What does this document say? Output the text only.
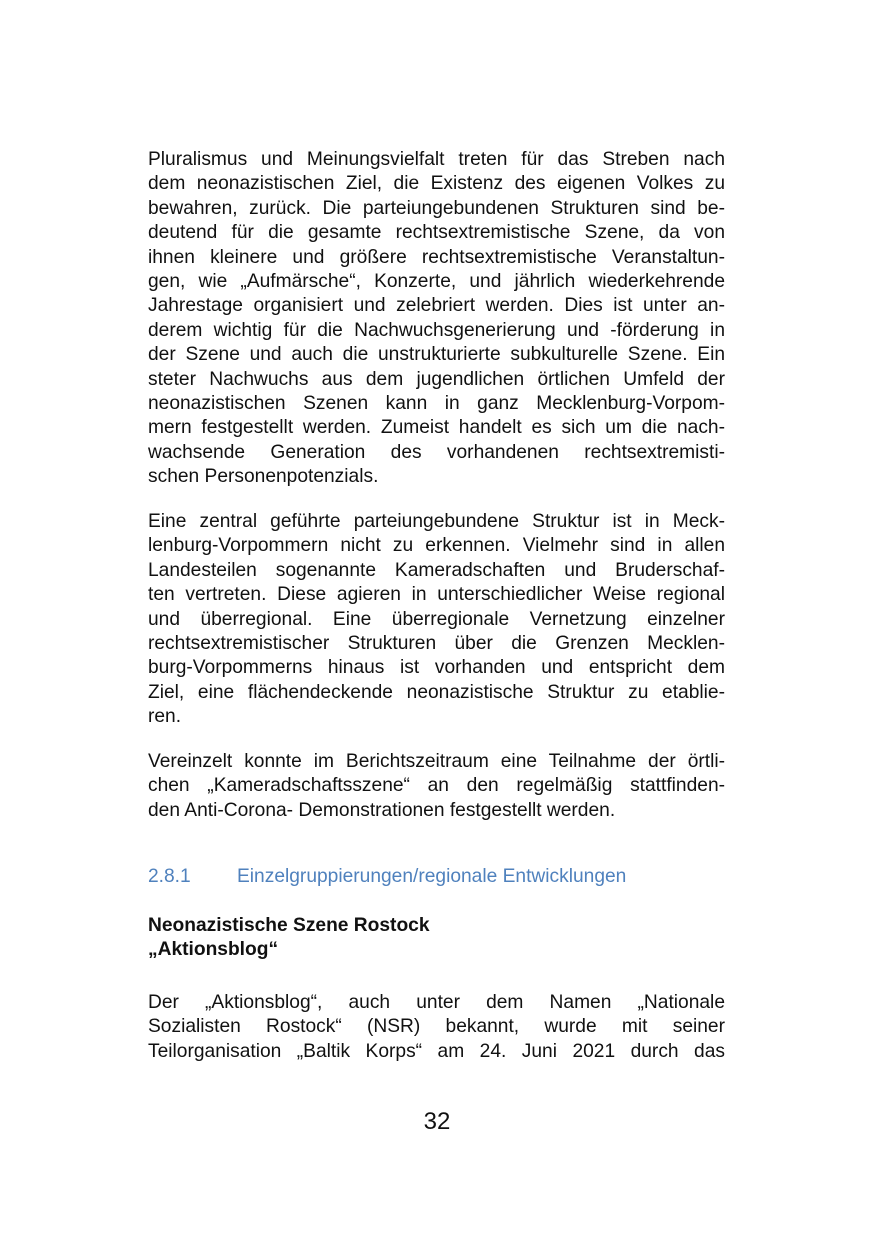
Pluralismus und Meinungsvielfalt treten für das Streben nach
dem neonazistischen Ziel, die Existenz des eigenen Volkes zu
bewahren, zurück. Die parteiungebundenen Strukturen sind be-
deutend für die gesamte rechtsextremistische Szene, da von
ihnen kleinere und größere rechtsextremistische Veranstaltun-
gen, wie „Aufmärsche“, Konzerte, und jährlich wiederkehrende
Jahrestage organisiert und zelebriert werden. Dies ist unter an-
derem wichtig für die Nachwuchsgenerierung und -förderung in
der Szene und auch die unstrukturierte subkulturelle Szene. Ein
steter Nachwuchs aus dem jugendlichen örtlichen Umfeld der
neonazistischen Szenen kann in ganz Mecklenburg-Vorpom-
mern festgestellt werden. Zumeist handelt es sich um die nach-
wachsende Generation des vorhandenen rechtsextremisti-
schen Personenpotenzials.
Eine zentral geführte parteiungebundene Struktur ist in Meck-
lenburg-Vorpommern nicht zu erkennen. Vielmehr sind in allen
Landesteilen sogenannte Kameradschaften und Bruderschaf-
ten vertreten. Diese agieren in unterschiedlicher Weise regional
und überregional. Eine überregionale Vernetzung einzelner
rechtsextremistischer Strukturen über die Grenzen Mecklen-
burg-Vorpommerns hinaus ist vorhanden und entspricht dem
Ziel, eine flächendeckende neonazistische Struktur zu etablie-
ren.
Vereinzelt konnte im Berichtszeitraum eine Teilnahme der örtli-
chen „Kameradschaftsszene“ an den regelmäßig stattfinden-
den Anti-Corona- Demonstrationen festgestellt werden.
2.8.1 Einzelgruppierungen/regionale Entwicklungen
Neonazistische Szene Rostock
„Aktionsblog“
Der „Aktionsblog“, auch unter dem Namen „Nationale
Sozialisten Rostock“ (NSR) bekannt, wurde mit seiner
Teilorganisation „Baltik Korps“ am 24. Juni 2021 durch das
32
